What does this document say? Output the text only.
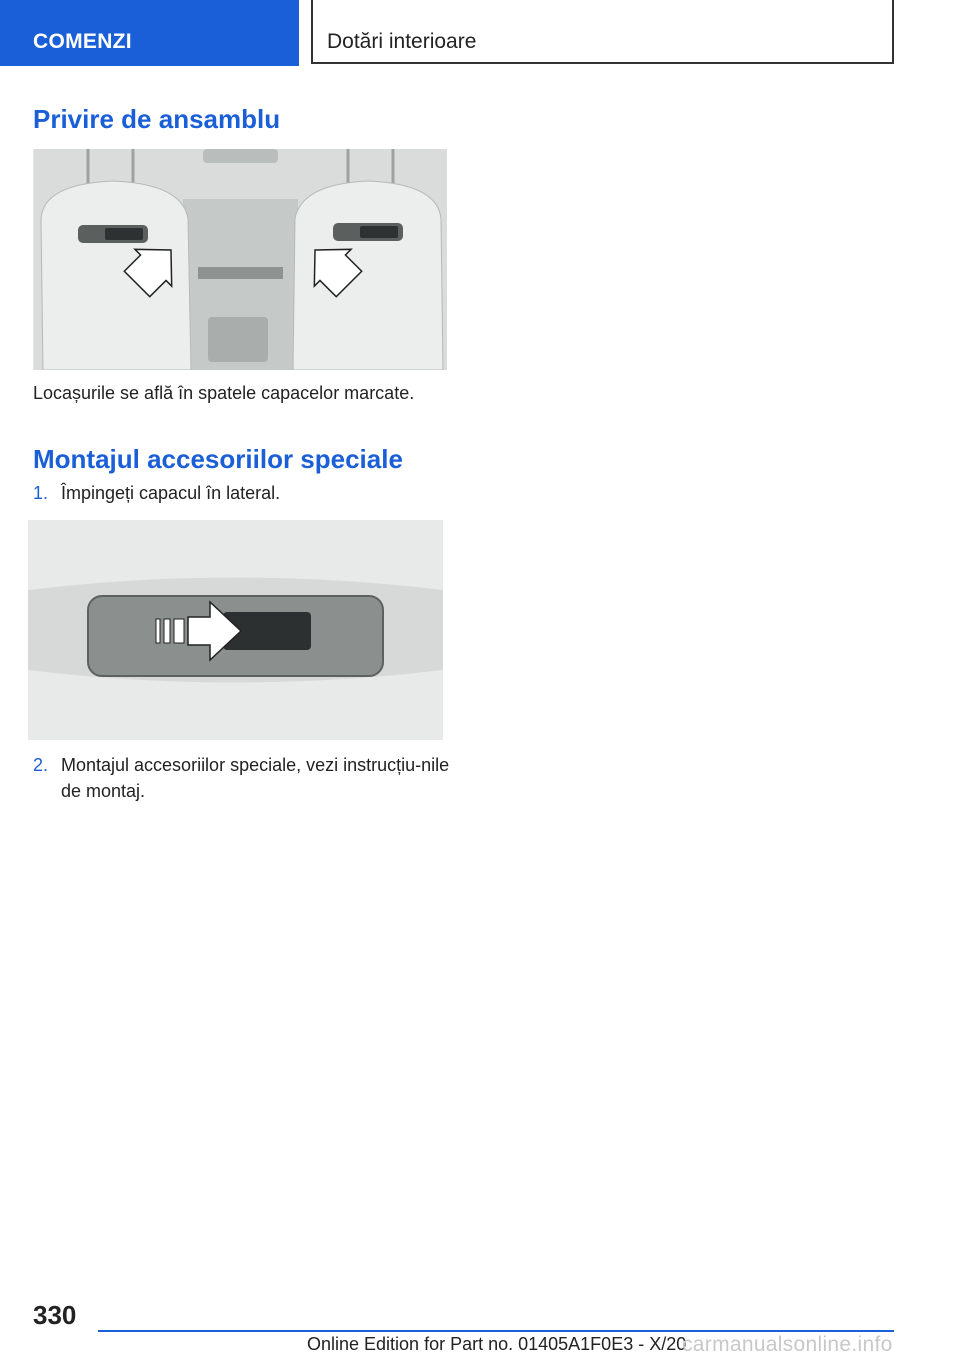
COMENZI	Dotări interioare
Privire de ansamblu
Locașurile se află în spatele capacelor marcate.
Montajul accesoriilor speciale
1. Împingeți capacul în lateral.
2. Montajul accesoriilor speciale, vezi instrucțiu-nile de montaj.
330
Online Edition for Part no. 01405A1F0E3 - X/20
carmanualsonline.info
